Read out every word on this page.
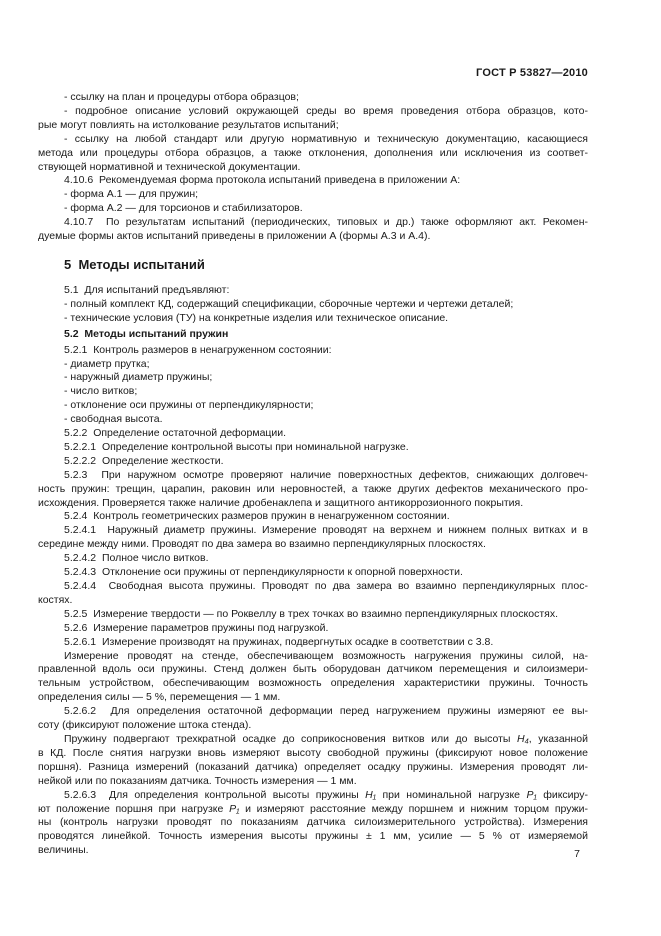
ГОСТ Р 53827—2010
- ссылку на план и процедуры отбора образцов;
- подробное описание условий окружающей среды во время проведения отбора образцов, кото-
рые могут повлиять на истолкование результатов испытаний;
- ссылку на любой стандарт или другую нормативную и техническую документацию, касающиеся
метода или процедуры отбора образцов, а также отклонения, дополнения или исключения из соответ-
ствующей нормативной и технической документации.
4.10.6  Рекомендуемая форма протокола испытаний приведена в приложении А:
- форма А.1 — для пружин;
- форма А.2 — для торсионов и стабилизаторов.
4.10.7  По результатам испытаний (периодических, типовых и др.) также оформляют акт. Рекомен-
дуемые формы актов испытаний приведены в приложении А (формы А.3 и А.4).
5  Методы испытаний
5.1  Для испытаний предъявляют:
- полный комплект КД, содержащий спецификации, сборочные чертежи и чертежи деталей;
- технические условия (ТУ) на конкретные изделия или техническое описание.
5.2  Методы испытаний пружин
5.2.1  Контроль размеров в ненагруженном состоянии:
- диаметр прутка;
- наружный диаметр пружины;
- число витков;
- отклонение оси пружины от перпендикулярности;
- свободная высота.
5.2.2  Определение остаточной деформации.
5.2.2.1  Определение контрольной высоты при номинальной нагрузке.
5.2.2.2  Определение жесткости.
5.2.3  При наружном осмотре проверяют наличие поверхностных дефектов, снижающих долговеч-
ность пружин: трещин, царапин, раковин или неровностей, а также других дефектов механического про-
исхождения. Проверяется также наличие дробенаклепа и защитного антикоррозионного покрытия.
5.2.4  Контроль геометрических размеров пружин в ненагруженном состоянии.
5.2.4.1  Наружный диаметр пружины. Измерение проводят на верхнем и нижнем полных витках и в
середине между ними. Проводят по два замера во взаимно перпендикулярных плоскостях.
5.2.4.2  Полное число витков.
5.2.4.3  Отклонение оси пружины от перпендикулярности к опорной поверхности.
5.2.4.4  Свободная высота пружины. Проводят по два замера во взаимно перпендикулярных плос-
костях.
5.2.5  Измерение твердости — по Роквеллу в трех точках во взаимно перпендикулярных плоскостях.
5.2.6  Измерение параметров пружины под нагрузкой.
5.2.6.1  Измерение производят на пружинах, подвергнутых осадке в соответствии с 3.8.
Измерение проводят на стенде, обеспечивающем возможность нагружения пружины силой, на-
правленной вдоль оси пружины. Стенд должен быть оборудован датчиком перемещения и силоизмери-
тельным устройством, обеспечивающим возможность определения характеристики пружины. Точность
определения силы — 5 %, перемещения — 1 мм.
5.2.6.2  Для определения остаточной деформации перед нагружением пружины измеряют ее вы-
соту (фиксируют положение штока стенда).
Пружину подвергают трехкратной осадке до соприкосновения витков или до высоты H₄, указанной
в КД. После снятия нагрузки вновь измеряют высоту свободной пружины (фиксируют новое положение
поршня). Разница измерений (показаний датчика) определяет осадку пружины. Измерения проводят ли-
нейкой или по показаниям датчика. Точность измерения — 1 мм.
5.2.6.3  Для определения контрольной высоты пружины H₁ при номинальной нагрузке P₁ фиксиру-
ют положение поршня при нагрузке P₁ и измеряют расстояние между поршнем и нижним торцом пружи-
ны (контроль нагрузки проводят по показаниям датчика силоизмерительного устройства). Измерения
проводятся линейкой. Точность измерения высоты пружины ± 1 мм, усилие — 5 % от измеряемой
величины.	7
